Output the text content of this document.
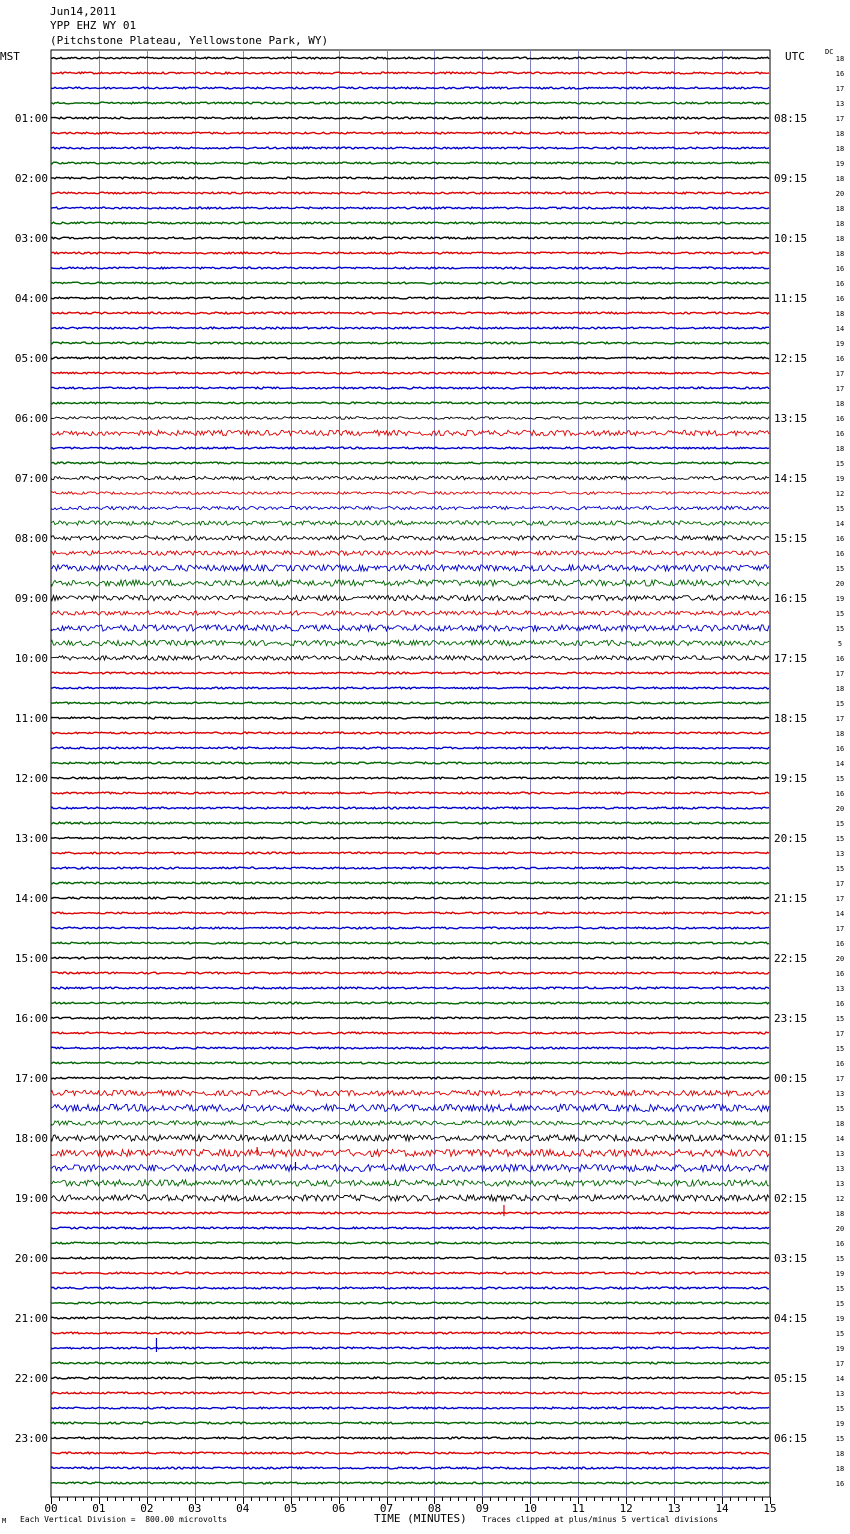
Jun14,2011
YPP EHZ WY 01
(Pitchstone Plateau, Yellowstone Park, WY)
MST	UTC	DC
18
16
17
13
17
18
18
19
18
20
18
18
18
18
16
16
16
18
14
19
16
17
17
18
16
16
18
15
19
12
15
14
16
16
15
20
19
15
15
5
16
17
18
15
17
18
16
14
15
16
20
15
15
13
15
17
17
14
17
16
20
16
13
16
15
17
15
16
17
13
15
18
14
13
13
13
12
18
20
16
15
19
15
15
19
15
19
17
14
13
15
19
15
18
18
16
01:00
02:00
03:00
04:00
05:00
06:00
07:00
08:00
09:00
10:00
11:00
12:00
13:00
14:00
15:00
16:00
17:00
18:00
19:00
20:00
21:00
22:00
23:00
08:15
09:15
10:15
11:15
12:15
13:15
14:15
15:15
16:15
17:15
18:15
19:15
20:15
21:15
22:15
23:15
00:15
01:15
02:15
03:15
04:15
05:15
06:15
00	01	02	03	04	05	06	07	08	09	10	11	12	13	14	15
TIME (MINUTES)
M Each Vertical Division =  800.00 microvolts	Traces clipped at plus/minus 5 vertical divisions
